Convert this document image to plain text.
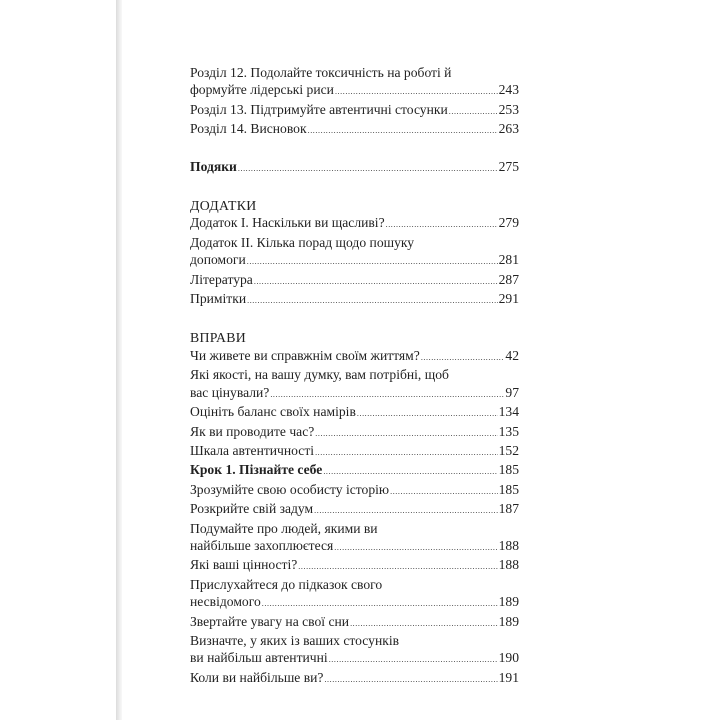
Розділ 12. Подолайте токсичність на роботі й
формуйте лідерські риси .....	243
Розділ 13. Підтримуйте автентичні стосунки .....	253
Розділ 14. Висновок .....	263
Подяки .....	275
ДОДАТКИ
Додаток I. Наскільки ви щасливі? .....	279
Додаток II. Кілька порад щодо пошуку
допомоги .....	281
Література .....	287
Примітки .....	291
ВПРАВИ
Чи живете ви справжнім своїм життям? .....	42
Які якості, на вашу думку, вам потрібні, щоб
вас цінували? .....	97
Оцініть баланс своїх намірів .....	134
Як ви проводите час? .....	135
Шкала автентичності .....	152
Крок 1. Пізнайте себе .....	185
Зрозумійте свою особисту історію .....	185
Розкрийте свій задум .....	187
Подумайте про людей, якими ви
найбільше захоплюєтеся .....	188
Які ваші цінності? .....	188
Прислухайтеся до підказок свого
несвідомого .....	189
Звертайте увагу на свої сни .....	189
Визначте, у яких із ваших стосунків
ви найбільш автентичні .....	190
Коли ви найбільше ви? .....	191
